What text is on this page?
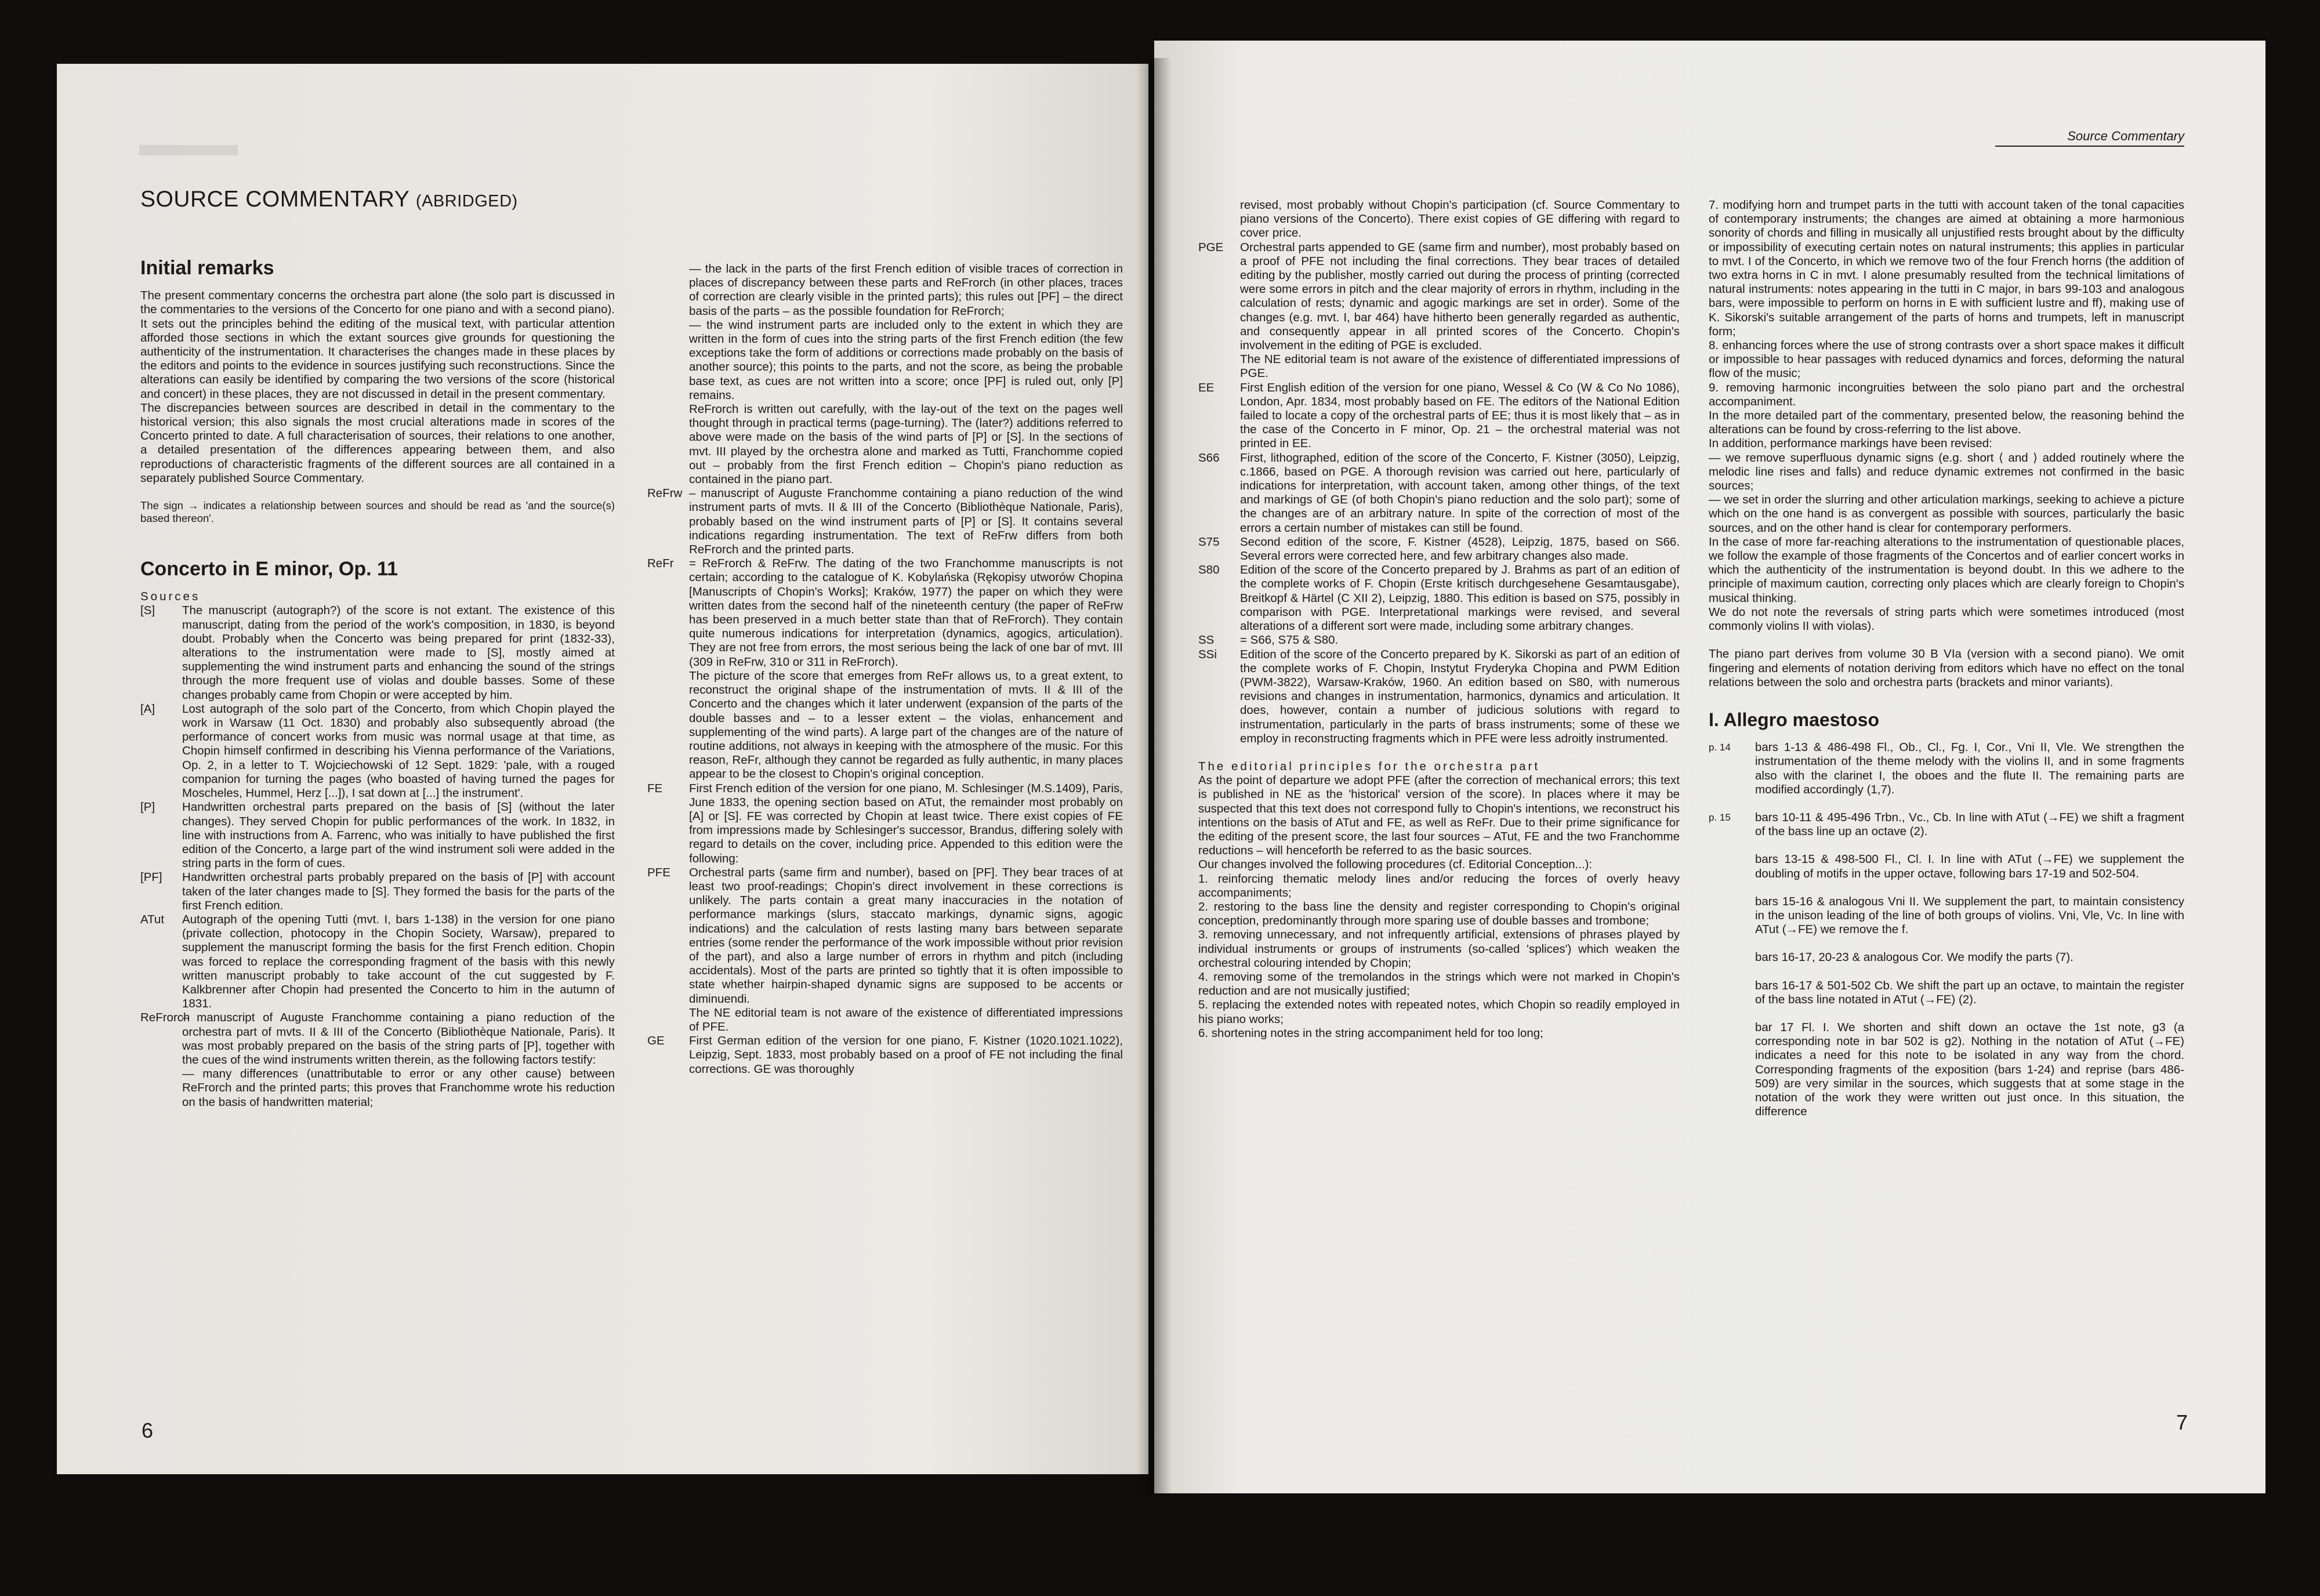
Source Commentary
SOURCE COMMENTARY (ABRIDGED)
Initial remarks

The present commentary concerns the orchestra part alone (the solo part is discussed in the commentaries to the versions of the Concerto for one piano and with a second piano). It sets out the principles behind the editing of the musical text, with particular attention afforded those sections in which the extant sources give grounds for questioning the authenticity of the instrumentation. It characterises the changes made in these places by the editors and points to the evidence in sources justifying such reconstructions. Since the alterations can easily be identified by comparing the two versions of the score (historical and concert) in these places, they are not discussed in detail in the present commentary.

The discrepancies between sources are described in detail in the commentary to the historical version; this also signals the most crucial alterations made in scores of the Concerto printed to date. A full characterisation of sources, their relations to one another, a detailed presentation of the differences appearing between them, and also reproductions of characteristic fragments of the different sources are all contained in a separately published Source Commentary.

The sign → indicates a relationship between sources and should be read as 'and the source(s) based thereon'.

Concerto in E minor, Op. 11

Sources

[S] The manuscript (autograph?) of the score is not extant. The existence of this manuscript, dating from the period of the work's composition, in 1830, is beyond doubt. Probably when the Concerto was being prepared for print (1832-33), alterations to the instrumentation were made to [S], mostly aimed at supplementing the wind instrument parts and enhancing the sound of the strings through the more frequent use of violas and double basses. Some of these changes probably came from Chopin or were accepted by him.
[A] Lost autograph of the solo part of the Concerto, from which Chopin played the work in Warsaw (11 Oct. 1830) and probably also subsequently abroad (the performance of concert works from music was normal usage at that time, as Chopin himself confirmed in describing his Vienna performance of the Variations, Op. 2, in a letter to T. Wojciechowski of 12 Sept. 1829: 'pale, with a rouged companion for turning the pages (who boasted of having turned the pages for Moscheles, Hummel, Herz [...]), I sat down at [...] the instrument'.
[P] Handwritten orchestral parts prepared on the basis of [S] (without the later changes). They served Chopin for public performances of the work. In 1832, in line with instructions from A. Farrenc, who was initially to have published the first edition of the Concerto, a large part of the wind instrument soli were added in the string parts in the form of cues.
[PF] Handwritten orchestral parts probably prepared on the basis of [P] with account taken of the later changes made to [S]. They formed the basis for the parts of the first French edition.
ATut Autograph of the opening Tutti (mvt. I, bars 1-138) in the version for one piano (private collection, photocopy in the Chopin Society, Warsaw), prepared to supplement the manuscript forming the basis for the first French edition. Chopin was forced to replace the corresponding fragment of the basis with this newly written manuscript probably to take account of the cut suggested by F. Kalkbrenner after Chopin had presented the Concerto to him in the autumn of 1831.
ReFrorch
– manuscript of Auguste Franchomme containing a piano reduction of the orchestra part of mvts. II & III of the Concerto (Bibliothèque Nationale, Paris). It was most probably prepared on the basis of the string parts of [P], together with the cues of the wind instruments written therein, as the following factors testify:
— many differences (unattributable to error or any other cause) between ReFrorch and the printed parts; this proves that Franchomme wrote his reduction on the basis of handwritten material;
— the lack in the parts of the first French edition of visible traces of correction in places of discrepancy between these parts and ReFrorch (in other places, traces of correction are clearly visible in the printed parts); this rules out [PF] – the direct basis of the parts – as the possible foundation for ReFrorch;
— the wind instrument parts are included only to the extent in which they are written in the form of cues into the string parts of the first French edition (the few exceptions take the form of additions or corrections made probably on the basis of another source); this points to the parts, and not the score, as being the probable base text, as cues are not written into a score; once [PF] is ruled out, only [P] remains.
ReFrorch is written out carefully, with the lay-out of the text on the pages well thought through in practical terms (page-turning). The (later?) additions referred to above were made on the basis of the wind parts of [P] or [S]. In the sections of mvt. III played by the orchestra alone and marked as Tutti, Franchomme copied out – probably from the first French edition – Chopin's piano reduction as contained in the piano part.
ReFrw – manuscript of Auguste Franchomme containing a piano reduction of the wind instrument parts of mvts. II & III of the Concerto (Bibliothèque Nationale, Paris), probably based on the wind instrument parts of [P] or [S]. It contains several indications regarding instrumentation. The text of ReFrw differs from both ReFrorch and the printed parts.
ReFr = ReFrorch & ReFrw. The dating of the two Franchomme manuscripts is not certain; according to the catalogue of K. Kobylańska (Rękopisy utworów Chopina [Manuscripts of Chopin's Works]; Kraków, 1977) the paper on which they were written dates from the second half of the nineteenth century (the paper of ReFrw has been preserved in a much better state than that of ReFrorch). They contain quite numerous indications for interpretation (dynamics, agogics, articulation). They are not free from errors, the most serious being the lack of one bar of mvt. III (309 in ReFrw, 310 or 311 in ReFrorch).
The picture of the score that emerges from ReFr allows us, to a great extent, to reconstruct the original shape of the instrumentation of mvts. II & III of the Concerto and the changes which it later underwent (expansion of the parts of the double basses and – to a lesser extent – the violas, enhancement and supplementing of the wind parts). A large part of the changes are of the nature of routine additions, not always in keeping with the atmosphere of the music. For this reason, ReFr, although they cannot be regarded as fully authentic, in many places appear to be the closest to Chopin's original conception.
FE First French edition of the version for one piano, M. Schlesinger (M.S.1409), Paris, June 1833, the opening section based on ATut, the remainder most probably on [A] or [S]. FE was corrected by Chopin at least twice. There exist copies of FE from impressions made by Schlesinger's successor, Brandus, differing solely with regard to details on the cover, including price. Appended to this edition were the following:
PFE Orchestral parts (same firm and number), based on [PF]. They bear traces of at least two proof-readings; Chopin's direct involvement in these corrections is unlikely. The parts contain a great many inaccuracies in the notation of performance markings (slurs, staccato markings, dynamic signs, agogic indications) and the calculation of rests lasting many bars between separate entries (some render the performance of the work impossible without prior revision of the part), and also a large number of errors in rhythm and pitch (including accidentals). Most of the parts are printed so tightly that it is often impossible to state whether hairpin-shaped dynamic signs are supposed to be accents or diminuendi.
The NE editorial team is not aware of the existence of differentiated impressions of PFE.
GE First German edition of the version for one piano, F. Kistner (1020.1021.1022), Leipzig, Sept. 1833, most probably based on a proof of FE not including the final corrections. GE was thoroughly
revised, most probably without Chopin's participation (cf. Source Commentary to piano versions of the Concerto). There exist copies of GE differing with regard to cover price.
PGE Orchestral parts appended to GE (same firm and number), most probably based on a proof of PFE not including the final corrections. They bear traces of detailed editing by the publisher, mostly carried out during the process of printing (corrected were some errors in pitch and the clear majority of errors in rhythm, including in the calculation of rests; dynamic and agogic markings are set in order). Some of the changes (e.g. mvt. I, bar 464) have hitherto been generally regarded as authentic, and consequently appear in all printed scores of the Concerto. Chopin's involvement in the editing of PGE is excluded.
The NE editorial team is not aware of the existence of differentiated impressions of PGE.
EE First English edition of the version for one piano, Wessel & Co (W & Co No 1086), London, Apr. 1834, most probably based on FE. The editors of the National Edition failed to locate a copy of the orchestral parts of EE; thus it is most likely that – as in the case of the Concerto in F minor, Op. 21 – the orchestral material was not printed in EE.
S66 First, lithographed, edition of the score of the Concerto, F. Kistner (3050), Leipzig, c.1866, based on PGE. A thorough revision was carried out here, particularly of indications for interpretation, with account taken, among other things, of the text and markings of GE (of both Chopin's piano reduction and the solo part); some of the changes are of an arbitrary nature. In spite of the correction of most of the errors a certain number of mistakes can still be found.
S75 Second edition of the score, F. Kistner (4528), Leipzig, 1875, based on S66. Several errors were corrected here, and few arbitrary changes also made.
S80 Edition of the score of the Concerto prepared by J. Brahms as part of an edition of the complete works of F. Chopin (Erste kritisch durchgesehene Gesamtausgabe), Breitkopf & Härtel (C XII 2), Leipzig, 1880. This edition is based on S75, possibly in comparison with PGE. Interpretational markings were revised, and several alterations of a different sort were made, including some arbitrary changes.
SS = S66, S75 & S80.
SSi Edition of the score of the Concerto prepared by K. Sikorski as part of an edition of the complete works of F. Chopin, Instytut Fryderyka Chopina and PWM Edition (PWM-3822), Warsaw-Kraków, 1960. An edition based on S80, with numerous revisions and changes in instrumentation, harmonics, dynamics and articulation. It does, however, contain a number of judicious solutions with regard to instrumentation, particularly in the parts of brass instruments; some of these we employ in reconstructing fragments which in PFE were less adroitly instrumented.

The editorial principles for the orchestra part

As the point of departure we adopt PFE (after the correction of mechanical errors; this text is published in NE as the 'historical' version of the score). In places where it may be suspected that this text does not correspond fully to Chopin's intentions, we reconstruct his intentions on the basis of ATut and FE, as well as ReFr. Due to their prime significance for the editing of the present score, the last four sources – ATut, FE and the two Franchomme reductions – will henceforth be referred to as the basic sources.

Our changes involved the following procedures (cf. Editorial Conception...):

1. reinforcing thematic melody lines and/or reducing the forces of overly heavy accompaniments;

2. restoring to the bass line the density and register corresponding to Chopin's original conception, predominantly through more sparing use of double basses and trombone;

3. removing unnecessary, and not infrequently artificial, extensions of phrases played by individual instruments or groups of instruments (so-called 'splices') which weaken the orchestral colouring intended by Chopin;

4. removing some of the tremolandos in the strings which were not marked in Chopin's reduction and are not musically justified;

5. replacing the extended notes with repeated notes, which Chopin so readily employed in his piano works;

6. shortening notes in the string accompaniment held for too long;

7. modifying horn and trumpet parts in the tutti with account taken of the tonal capacities of contemporary instruments; the changes are aimed at obtaining a more harmonious sonority of chords and filling in musically all unjustified rests brought about by the difficulty or impossibility of executing certain notes on natural instruments; this applies in particular to mvt. I of the Concerto, in which we remove two of the four French horns (the addition of two extra horns in C in mvt. I alone presumably resulted from the technical limitations of natural instruments: notes appearing in the tutti in C major, in bars 99-103 and analogous bars, were impossible to perform on horns in E with sufficient lustre and ff), making use of K. Sikorski's suitable arrangement of the parts of horns and trumpets, left in manuscript form;

8. enhancing forces where the use of strong contrasts over a short space makes it difficult or impossible to hear passages with reduced dynamics and forces, deforming the natural flow of the music;

9. removing harmonic incongruities between the solo piano part and the orchestral accompaniment.

In the more detailed part of the commentary, presented below, the reasoning behind the alterations can be found by cross-referring to the list above.

In addition, performance markings have been revised:

— we remove superfluous dynamic signs (e.g. short ⟨ and ⟩ added routinely where the melodic line rises and falls) and reduce dynamic extremes not confirmed in the basic sources;

— we set in order the slurring and other articulation markings, seeking to achieve a picture which on the one hand is as convergent as possible with sources, particularly the basic sources, and on the other hand is clear for contemporary performers.

In the case of more far-reaching alterations to the instrumentation of questionable places, we follow the example of those fragments of the Concertos and of earlier concert works in which the authenticity of the instrumentation is beyond doubt. In this we adhere to the principle of maximum caution, correcting only places which are clearly foreign to Chopin's musical thinking.

We do not note the reversals of string parts which were sometimes introduced (most commonly violins II with violas).

The piano part derives from volume 30 B VIa (version with a second piano). We omit fingering and elements of notation deriving from editors which have no effect on the tonal relations between the solo and orchestra parts (brackets and minor variants).

I. Allegro maestoso
p. 14 bars 1-13 & 486-498 Fl., Ob., Cl., Fg. I, Cor., Vni II, Vle. We strengthen the instrumentation of the theme melody with the violins II, and in some fragments also with the clarinet I, the oboes and the flute II. The remaining parts are modified accordingly (1,7).
p. 15 bars 10-11 & 495-496 Trbn., Vc., Cb. In line with ATut (→FE) we shift a fragment of the bass line up an octave (2).
bars 13-15 & 498-500 Fl., Cl. I. In line with ATut (→FE) we supplement the doubling of motifs in the upper octave, following bars 17-19 and 502-504.
bars 15-16 & analogous Vni II. We supplement the part, to maintain consistency in the unison leading of the line of both groups of violins. Vni, Vle, Vc. In line with ATut (→FE) we remove the f.
bars 16-17, 20-23 & analogous Cor. We modify the parts (7).
bars 16-17 & 501-502 Cb. We shift the part up an octave, to maintain the register of the bass line notated in ATut (→FE) (2).
bar 17 Fl. I. We shorten and shift down an octave the 1st note, g3 (a corresponding note in bar 502 is g2). Nothing in the notation of ATut (→FE) indicates a need for this note to be isolated in any way from the chord. Corresponding fragments of the exposition (bars 1-24) and reprise (bars 486-509) are very similar in the sources, which suggests that at some stage in the notation of the work they were written out just once. In this situation, the difference
6	7
